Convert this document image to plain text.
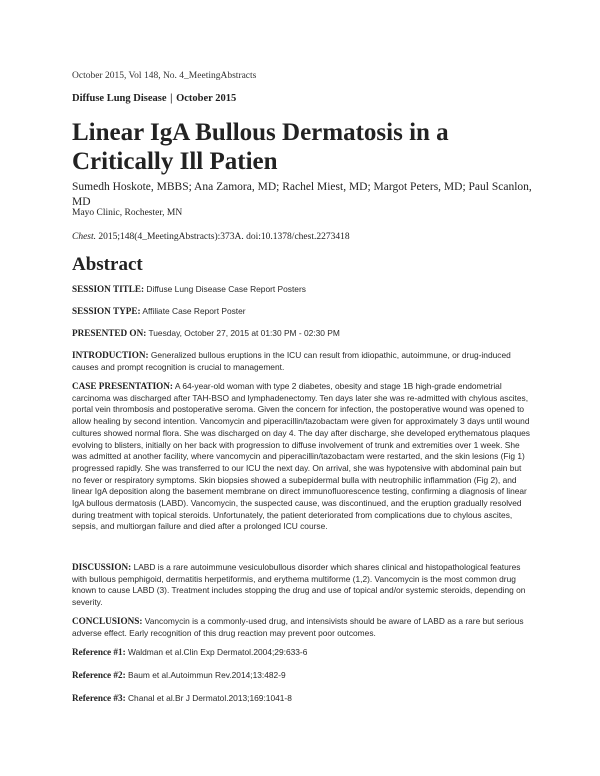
October 2015, Vol 148, No. 4_MeetingAbstracts
Diffuse Lung Disease | October 2015
Linear IgA Bullous Dermatosis in a Critically Ill Patien
Sumedh Hoskote, MBBS; Ana Zamora, MD; Rachel Miest, MD; Margot Peters, MD; Paul Scanlon, MD
Mayo Clinic, Rochester, MN
Chest. 2015;148(4_MeetingAbstracts):373A. doi:10.1378/chest.2273418
Abstract
SESSION TITLE: Diffuse Lung Disease Case Report Posters
SESSION TYPE: Affiliate Case Report Poster
PRESENTED ON: Tuesday, October 27, 2015 at 01:30 PM - 02:30 PM
INTRODUCTION: Generalized bullous eruptions in the ICU can result from idiopathic, autoimmune, or drug-induced causes and prompt recognition is crucial to management.
CASE PRESENTATION: A 64-year-old woman with type 2 diabetes, obesity and stage 1B high-grade endometrial carcinoma was discharged after TAH-BSO and lymphadenectomy. Ten days later she was re-admitted with chylous ascites, portal vein thrombosis and postoperative seroma. Given the concern for infection, the postoperative wound was opened to allow healing by second intention. Vancomycin and piperacillin/tazobactam were given for approximately 3 days until wound cultures showed normal flora. She was discharged on day 4. The day after discharge, she developed erythematous plaques evolving to blisters, initially on her back with progression to diffuse involvement of trunk and extremities over 1 week. She was admitted at another facility, where vancomycin and piperacillin/tazobactam were restarted, and the skin lesions (Fig 1) progressed rapidly. She was transferred to our ICU the next day. On arrival, she was hypotensive with abdominal pain but no fever or respiratory symptoms. Skin biopsies showed a subepidermal bulla with neutrophilic inflammation (Fig 2), and linear IgA deposition along the basement membrane on direct immunofluorescence testing, confirming a diagnosis of linear IgA bullous dermatosis (LABD). Vancomycin, the suspected cause, was discontinued, and the eruption gradually resolved during treatment with topical steroids. Unfortunately, the patient deteriorated from complications due to chylous ascites, sepsis, and multiorgan failure and died after a prolonged ICU course.
DISCUSSION: LABD is a rare autoimmune vesiculobullous disorder which shares clinical and histopathological features with bullous pemphigoid, dermatitis herpetiformis, and erythema multiforme (1,2). Vancomycin is the most common drug known to cause LABD (3). Treatment includes stopping the drug and use of topical and/or systemic steroids, depending on severity.
CONCLUSIONS: Vancomycin is a commonly-used drug, and intensivists should be aware of LABD as a rare but serious adverse effect. Early recognition of this drug reaction may prevent poor outcomes.
Reference #1: Waldman et al.Clin Exp Dermatol.2004;29:633-6
Reference #2: Baum et al.Autoimmun Rev.2014;13:482-9
Reference #3: Chanal et al.Br J Dermatol.2013;169:1041-8
